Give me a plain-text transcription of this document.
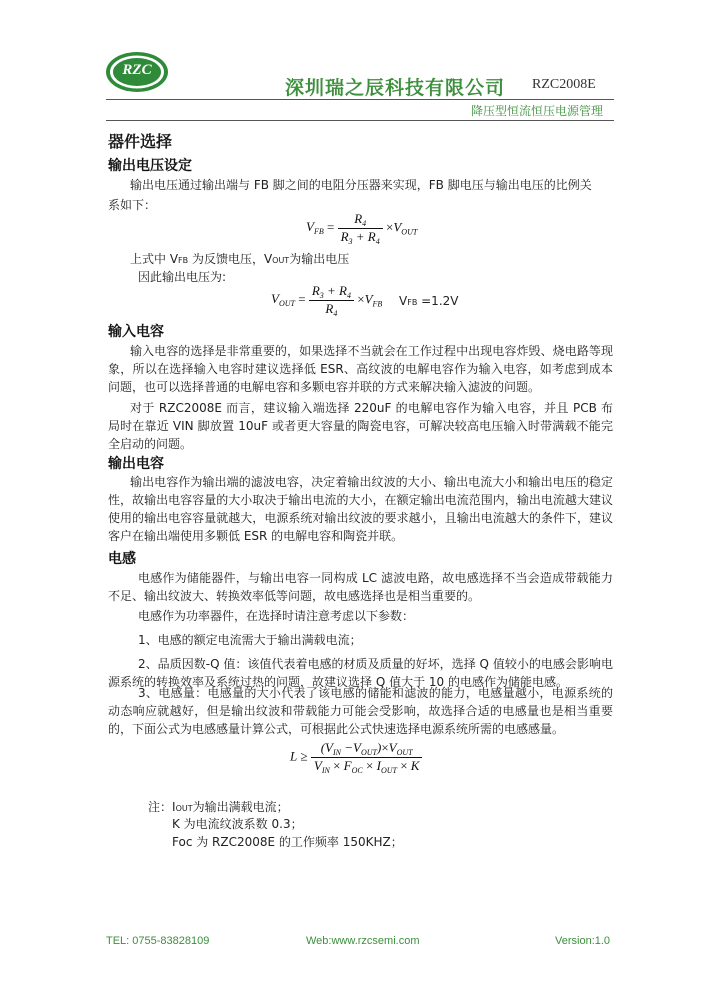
RZC
深圳瑞之辰科技有限公司 RZC2008E
降压型恒流恒压电源管理
器件选择
输出电压设定
输出电压通过输出端与 FB 脚之间的电阻分压器来实现，FB 脚电压与输出电压的比例关
系如下：
$V_{FB} = \frac{R_4}{R_3 + R_4} \times V_{OUT}$
上式中 VFB 为反馈电压，VOUT为输出电压
因此输出电压为:
$V_{OUT} = \frac{R_3 + R_4}{R_4} \times V_{FB}$ VFB =1.2V
输入电容
输入电容的选择是非常重要的，如果选择不当就会在工作过程中出现电容炸毁、烧电路等现象，所以在选择输入电容时建议选择低 ESR、高纹波的电解电容作为输入电容，如考虑到成本问题，也可以选择普通的电解电容和多颗电容并联的方式来解决输入滤波的问题。
对于 RZC2008E 而言，建议输入端选择 220uF 的电解电容作为输入电容，并且 PCB 布局时在靠近 VIN 脚放置 10uF 或者更大容量的陶瓷电容，可解决较高电压输入时带满载不能完全启动的问题。
输出电容
输出电容作为输出端的滤波电容，决定着输出纹波的大小、输出电流大小和输出电压的稳定性，故输出电容容量的大小取决于输出电流的大小，在额定输出电流范围内，输出电流越大建议使用的输出电容容量就越大，电源系统对输出纹波的要求越小，且输出电流越大的条件下，建议客户在输出端使用多颗低 ESR 的电解电容和陶瓷并联。
电感
电感作为储能器件，与输出电容一同构成 LC 滤波电路，故电感选择不当会造成带载能力不足、输出纹波大、转换效率低等问题，故电感选择也是相当重要的。
电感作为功率器件，在选择时请注意考虑以下参数：
1、电感的额定电流需大于输出满载电流；
2、品质因数-Q 值：该值代表着电感的材质及质量的好坏，选择 Q 值较小的电感会影响电源系统的转换效率及系统过热的问题，故建议选择 Q 值大于 10 的电感作为储能电感。
3、电感量：电感量的大小代表了该电感的储能和滤波的能力，电感量越小，电源系统的动态响应就越好，但是输出纹波和带载能力可能会受影响，故选择合适的电感量也是相当重要的，下面公式为电感感量计算公式，可根据此公式快速选择电源系统所需的电感感量。
$L \ge \frac{(V_{IN} -V_{OUT})\times V_{OUT}}{V_{IN} \times F_{OC} \times I_{OUT} \times K}$
注：IOUT为输出满载电流；
K 为电流纹波系数 0.3；
Foc 为 RZC2008E 的工作频率 150KHZ；
TEL: 0755-83828109	Web:www.rzcsemi.com	Version:1.0
